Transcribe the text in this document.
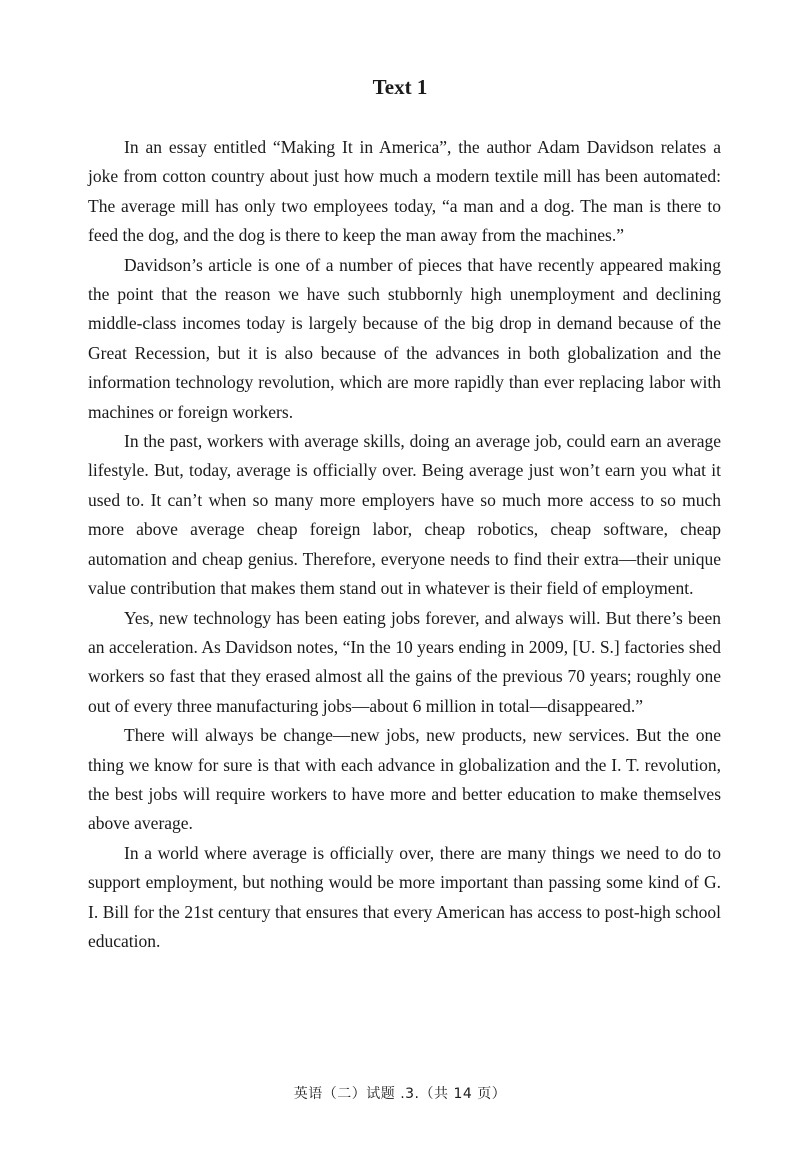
Text 1

In an essay entitled “Making It in America”, the author Adam Davidson relates a joke from cotton country about just how much a modern textile mill has been automated: The average mill has only two employees today, “a man and a dog. The man is there to feed the dog, and the dog is there to keep the man away from the machines.”

Davidson’s article is one of a number of pieces that have recently appeared making the point that the reason we have such stubbornly high unemployment and declining middle-class incomes today is largely because of the big drop in demand because of the Great Recession, but it is also because of the advances in both globalization and the information technology revolution, which are more rapidly than ever replacing labor with machines or foreign workers.

In the past, workers with average skills, doing an average job, could earn an average lifestyle. But, today, average is officially over. Being average just won’t earn you what it used to. It can’t when so many more employers have so much more access to so much more above average cheap foreign labor, cheap robotics, cheap software, cheap automation and cheap genius. Therefore, everyone needs to find their extra—their unique value contribution that makes them stand out in whatever is their field of employment.

Yes, new technology has been eating jobs forever, and always will. But there’s been an acceleration. As Davidson notes, “In the 10 years ending in 2009, [U. S.] factories shed workers so fast that they erased almost all the gains of the previous 70 years; roughly one out of every three manufacturing jobs—about 6 million in total—disappeared.”

There will always be change—new jobs, new products, new services. But the one thing we know for sure is that with each advance in globalization and the I. T. revolution, the best jobs will require workers to have more and better education to make themselves above average.

In a world where average is officially over, there are many things we need to do to support employment, but nothing would be more important than passing some kind of G. I. Bill for the 21st century that ensures that every American has access to post-high school education.

英语（二）试题 .3.（共 14 页）
